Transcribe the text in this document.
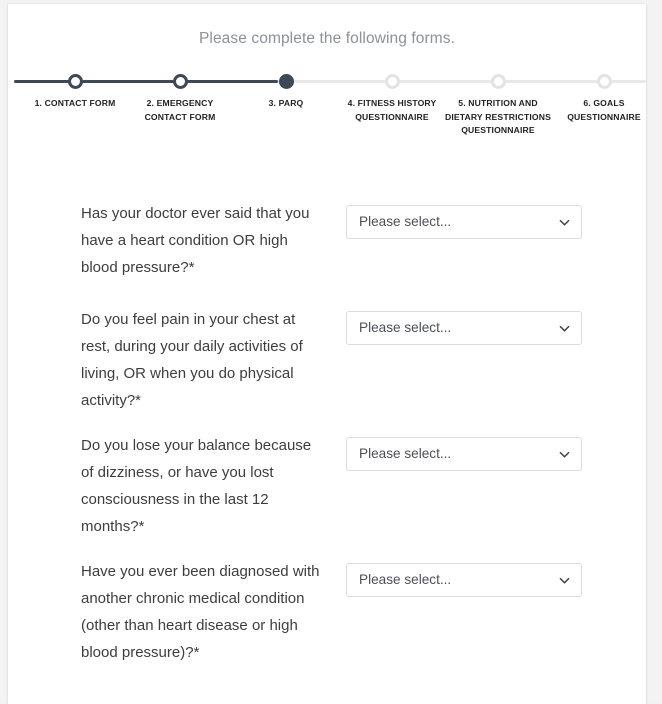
Please complete the following forms.
1. CONTACT FORM	2. EMERGENCY CONTACT FORM
3. PARQ	4. FITNESS HISTORY QUESTIONNAIRE
5. NUTRITION AND DIETARY RESTRICTIONS QUESTIONNAIRE
6. GOALS QUESTIONNAIRE
Has your doctor ever said that you have a heart condition OR high blood pressure?*
Please select...
Do you feel pain in your chest at rest, during your daily activities of living, OR when you do physical activity?*
Please select...
Do you lose your balance because of dizziness, or have you lost consciousness in the last 12 months?*
Please select...
Have you ever been diagnosed with another chronic medical condition (other than heart disease or high blood pressure)?*
Please select...
